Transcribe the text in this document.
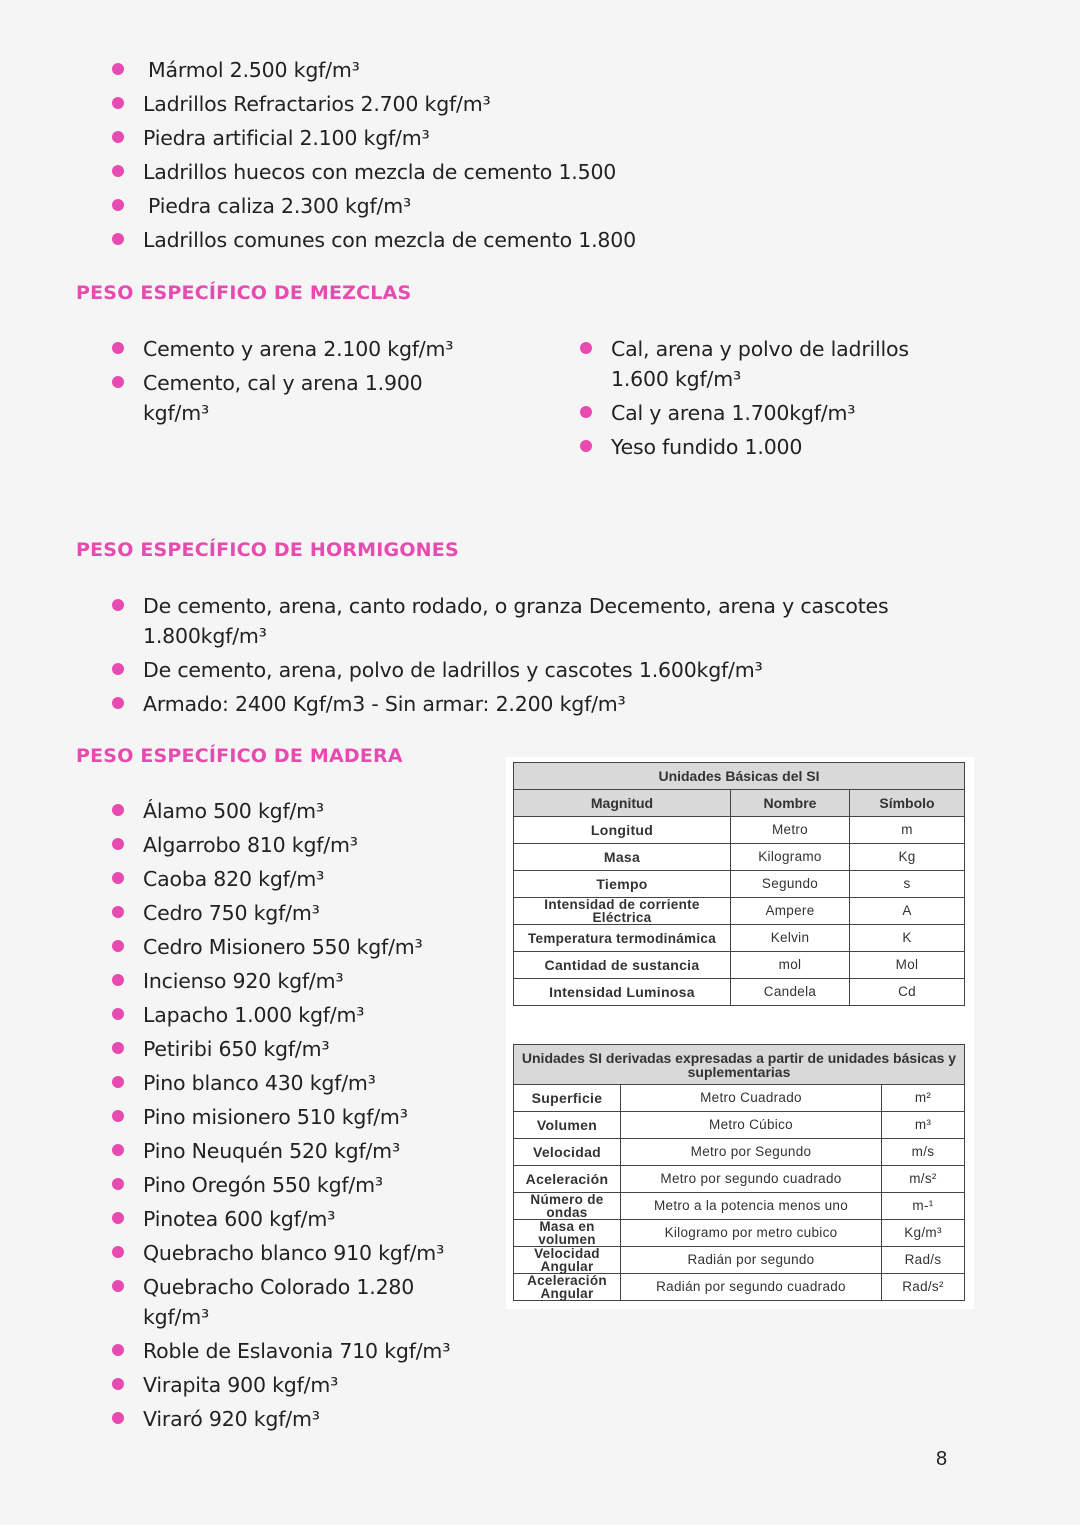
Mármol 2.500 kgf/m³
Ladrillos Refractarios 2.700 kgf/m³
Piedra artificial 2.100 kgf/m³
Ladrillos huecos con mezcla de cemento 1.500
Piedra caliza 2.300 kgf/m³
Ladrillos comunes con mezcla de cemento 1.800
PESO ESPECÍFICO DE MEZCLAS
Cemento y arena 2.100 kgf/m³
Cemento, cal y arena 1.900 kgf/m³
Cal, arena y polvo de ladrillos 1.600 kgf/m³
Cal y arena 1.700kgf/m³
Yeso fundido 1.000
PESO ESPECÍFICO DE HORMIGONES
De cemento, arena, canto rodado, o granza Decemento, arena y cascotes 1.800kgf/m³
De cemento, arena, polvo de ladrillos y cascotes 1.600kgf/m³
Armado: 2400 Kgf/m3 - Sin armar: 2.200 kgf/m³
PESO ESPECÍFICO DE MADERA
Álamo 500 kgf/m³
Algarrobo 810 kgf/m³
Caoba 820 kgf/m³
Cedro 750 kgf/m³
Cedro Misionero 550 kgf/m³
Incienso 920 kgf/m³
Lapacho 1.000 kgf/m³
Petiribi 650 kgf/m³
Pino blanco 430 kgf/m³
Pino misionero 510 kgf/m³
Pino Neuquén 520 kgf/m³
Pino Oregón 550 kgf/m³
Pinotea 600 kgf/m³
Quebracho blanco 910 kgf/m³
Quebracho Colorado 1.280 kgf/m³
Roble de Eslavonia 710 kgf/m³
Virapita 900 kgf/m³
Viraró 920 kgf/m³
Unidades Básicas del SI		
Magnitud	Nombre	Símbolo
Longitud	Metro	m
Masa	Kilogramo	Kg
Tiempo	Segundo	s
Intensidad de corriente Eléctrica	Ampere	A
Temperatura termodinámica	Kelvin	K
Cantidad de sustancia	mol	Mol
Intensidad Luminosa	Candela	Cd
Unidades SI derivadas expresadas a partir de unidades básicas y suplementarias		
Superficie	Metro Cuadrado	m²
Volumen	Metro Cúbico	m³
Velocidad	Metro por Segundo	m/s
Aceleración	Metro por segundo cuadrado	m/s²
Número de ondas	Metro a la potencia menos uno	m-¹
Masa en volumen	Kilogramo por metro cubico	Kg/m³
Velocidad Angular	Radián por segundo	Rad/s
Aceleración Angular	Radián por segundo cuadrado	Rad/s²
8
